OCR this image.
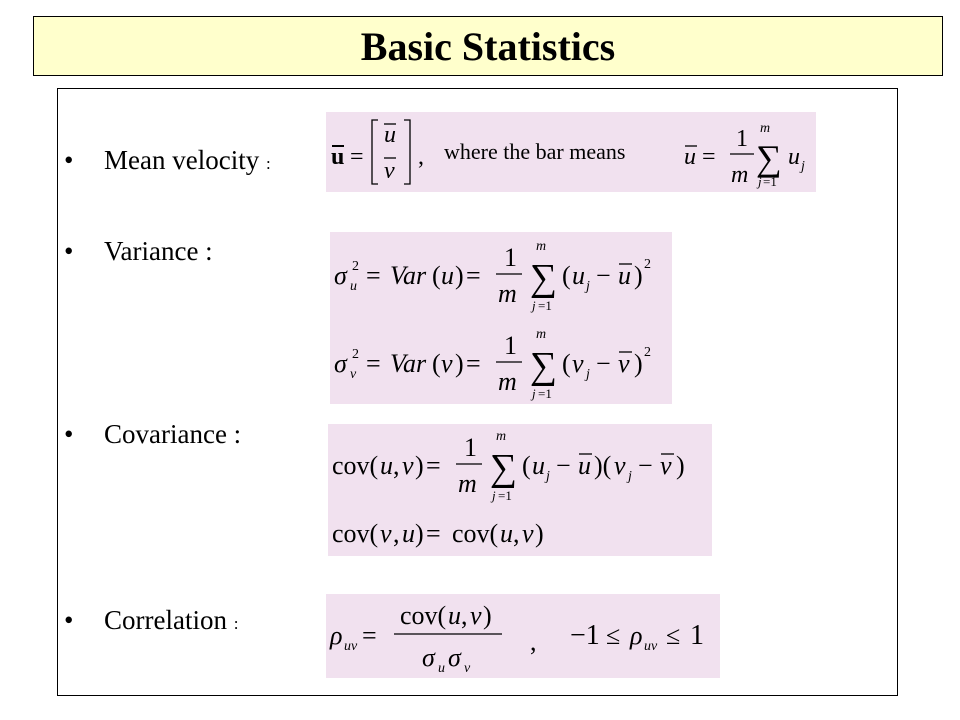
Basic Statistics
• Mean velocity :
• Variance :
• Covariance :
• Correlation :
u =
u
v
, where the bar means u =
1
m
m
∑
j =1
u j
σ u
2 = Var ( u ) =
1
m
m
∑
j =1
( u j − u ) 2
σ v
2 = Var ( v ) =
1
m
m
∑
j =1
( v j − v ) 2
cov( u , v ) =
1
m
m
∑
j =1
( u j − u )( v j − v )
cov( v , u ) = cov( u , v )
ρ uv =
cov( u , v )
σ u σ v
, −1 ≤ ρ uv ≤ 1
